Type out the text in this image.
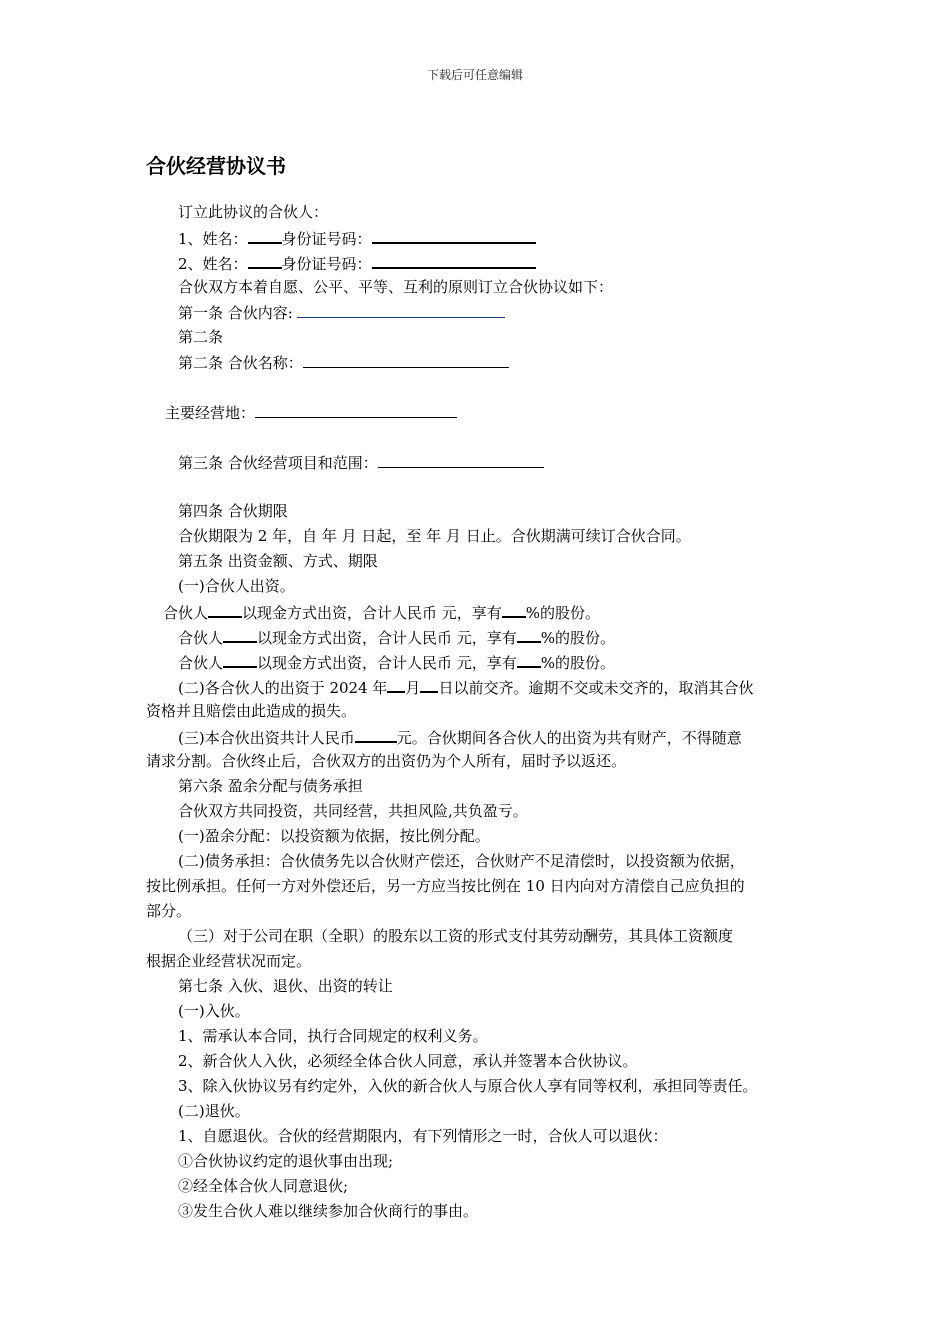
下载后可任意编辑
合伙经营协议书
订立此协议的合伙人：
1、姓名： 身份证号码：
2、姓名： 身份证号码：
合伙双方本着自愿、公平、平等、互利的原则订立合伙协议如下：
第一条 合伙内容:
第二条
第二条 合伙名称：
主要经营地：
第三条 合伙经营项目和范围：
第四条 合伙期限
合伙期限为 2 年，自 年 月 日起，至 年 月 日止。合伙期满可续订合伙合同。
第五条 出资金额、方式、期限
(一)合伙人出资。
合伙人 以现金方式出资，合计人民币 元，享有 %的股份。
合伙人 以现金方式出资，合计人民币 元，享有 %的股份。
合伙人 以现金方式出资，合计人民币 元，享有 %的股份。
(二)各合伙人的出资于 2024 年 月 日以前交齐。逾期不交或未交齐的，取消其合伙
资格并且赔偿由此造成的损失。
(三)本合伙出资共计人民币	元。合伙期间各合伙人的出资为共有财产，不得随意
请求分割。合伙终止后，合伙双方的出资仍为个人所有，届时予以返还。
第六条 盈余分配与债务承担
合伙双方共同投资，共同经营，共担风险,共负盈亏。
(一)盈余分配：以投资额为依据，按比例分配。
(二)债务承担：合伙债务先以合伙财产偿还，合伙财产不足清偿时，以投资额为依据，
按比例承担。任何一方对外偿还后，另一方应当按比例在 10 日内向对方清偿自己应负担的
部分。
（三）对于公司在职（全职）的股东以工资的形式支付其劳动酬劳，其具体工资额度
根据企业经营状况而定。
第七条 入伙、退伙、出资的转让
(一)入伙。
1、需承认本合同，执行合同规定的权利义务。
2、新合伙人入伙，必须经全体合伙人同意，承认并签署本合伙协议。
3、除入伙协议另有约定外，入伙的新合伙人与原合伙人享有同等权利，承担同等责任。
(二)退伙。
1、自愿退伙。合伙的经营期限内，有下列情形之一时，合伙人可以退伙：
①合伙协议约定的退伙事由出现;
②经全体合伙人同意退伙;
③发生合伙人难以继续参加合伙商行的事由。
